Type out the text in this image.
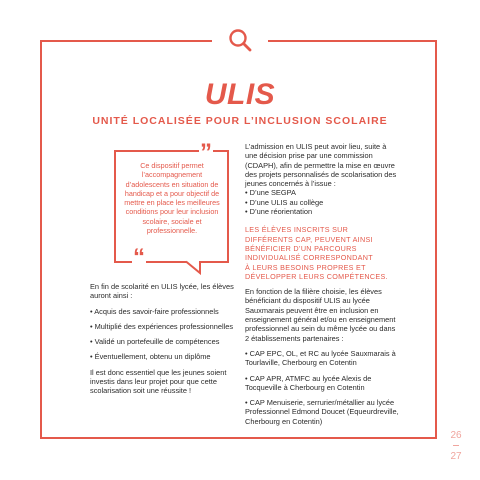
ULIS
UNITÉ LOCALISÉE POUR L’INCLUSION SCOLAIRE
”
“
Ce dispositif permet l’accompagnement d’adolescents en situation de handicap et a pour objectif de mettre en place les meilleures conditions pour leur inclusion scolaire, sociale et professionnelle.

En fin de scolarité en ULIS lycée, les élèves auront ainsi :

• Acquis des savoir-faire professionnels

• Multiplié des expériences professionnelles

• Validé un portefeuille de compétences

• Éventuellement, obtenu un diplôme

Il est donc essentiel que les jeunes soient investis dans leur projet pour que cette scolarisation soit une réussite !

L’admission en ULIS peut avoir lieu, suite à une décision prise par une commission (CDAPH), afin de permettre la mise en œuvre des projets personnalisés de scolarisation des jeunes concernés à l’issue :
• D’une SEGPA
• D’une ULIS au collège
• D’une réorientation

LES ÉLÈVES INSCRITS SUR
DIFFÉRENTS CAP, PEUVENT AINSI
BÉNÉFICIER D’UN PARCOURS
INDIVIDUALISÉ CORRESPONDANT
À LEURS BESOINS PROPRES ET
DÉVELOPPER LEURS COMPÉTENCES.

En fonction de la filière choisie, les élèves bénéficiant du dispositif ULIS au lycée Sauxmarais peuvent être en inclusion en enseignement général et/ou en enseignement professionnel au sein du même lycée ou dans 2 établissements partenaires :

• CAP EPC, OL, et RC au lycée Sauxmarais à Tourlaville, Cherbourg en Cotentin

• CAP APR, ATMFC au lycée Alexis de Tocqueville à Cherbourg en Cotentin

• CAP Menuiserie, serrurier/métallier au lycée Professionnel Edmond Doucet (Equeurdreville, Cherbourg en Cotentin)

26
27
